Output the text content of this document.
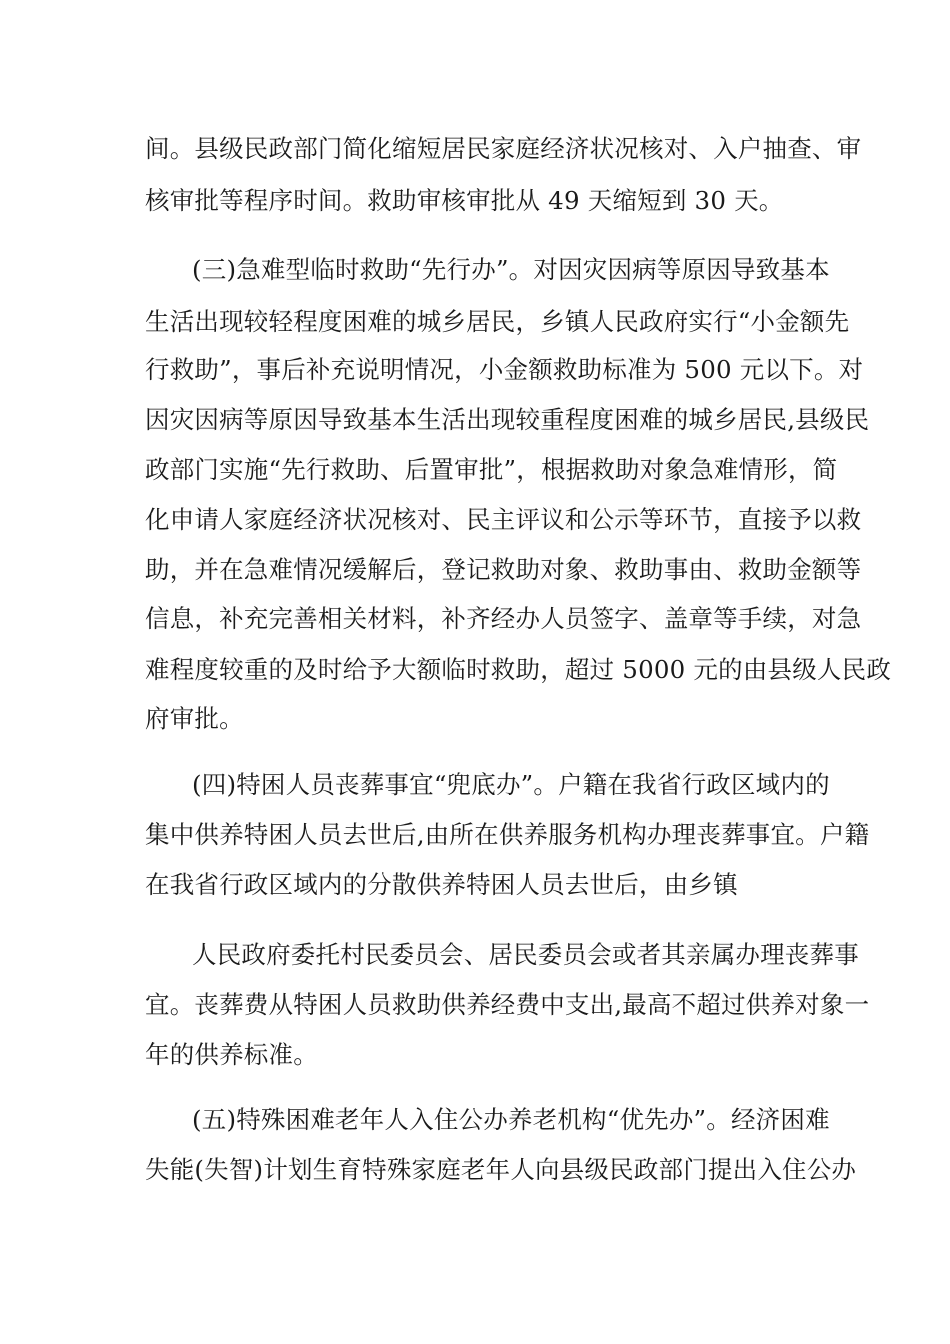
间。县级民政部门简化缩短居民家庭经济状况核对、入户抽查、审
核审批等程序时间。救助审核审批从 49 天缩短到 30 天。
(三)急难型临时救助“先行办”。对因灾因病等原因导致基本
生活出现较轻程度困难的城乡居民，乡镇人民政府实行“小金额先
行救助”，事后补充说明情况，小金额救助标准为 500 元以下。对
因灾因病等原因导致基本生活出现较重程度困难的城乡居民,县级民
政部门实施“先行救助、后置审批”，根据救助对象急难情形，简
化申请人家庭经济状况核对、民主评议和公示等环节，直接予以救
助，并在急难情况缓解后，登记救助对象、救助事由、救助金额等
信息，补充完善相关材料，补齐经办人员签字、盖章等手续，对急
难程度较重的及时给予大额临时救助，超过 5000 元的由县级人民政
府审批。
(四)特困人员丧葬事宜“兜底办”。户籍在我省行政区域内的
集中供养特困人员去世后,由所在供养服务机构办理丧葬事宜。户籍
在我省行政区域内的分散供养特困人员去世后，由乡镇
人民政府委托村民委员会、居民委员会或者其亲属办理丧葬事
宜。丧葬费从特困人员救助供养经费中支出,最高不超过供养对象一
年的供养标准。
(五)特殊困难老年人入住公办养老机构“优先办”。经济困难
失能(失智)计划生育特殊家庭老年人向县级民政部门提出入住公办
